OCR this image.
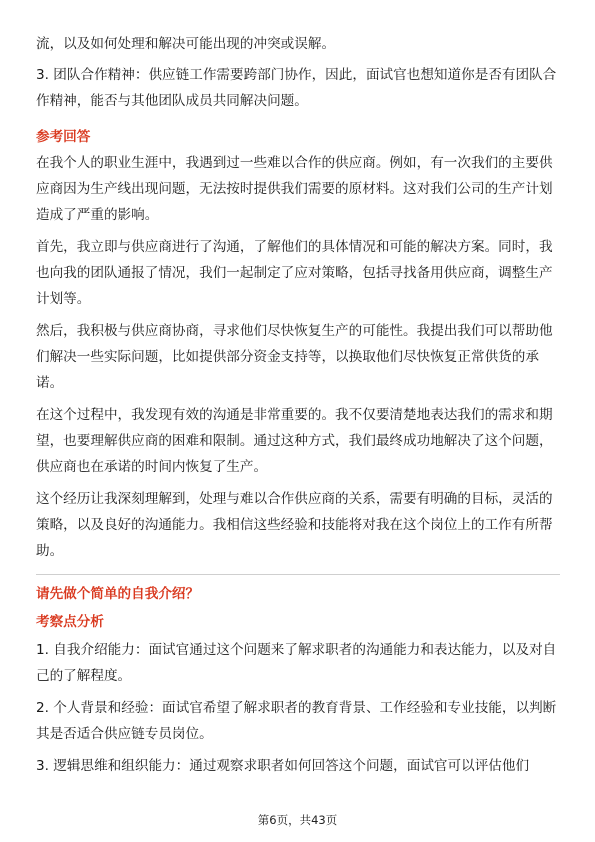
流，以及如何处理和解决可能出现的冲突或误解。

3. 团队合作精神：供应链工作需要跨部门协作，因此，面试官也想知道你是否有团队合作精神，能否与其他团队成员共同解决问题。

参考回答

在我个人的职业生涯中，我遇到过一些难以合作的供应商。例如，有一次我们的主要供应商因为生产线出现问题，无法按时提供我们需要的原材料。这对我们公司的生产计划造成了严重的影响。

首先，我立即与供应商进行了沟通，了解他们的具体情况和可能的解决方案。同时，我也向我的团队通报了情况，我们一起制定了应对策略，包括寻找备用供应商，调整生产计划等。

然后，我积极与供应商协商，寻求他们尽快恢复生产的可能性。我提出我们可以帮助他们解决一些实际问题，比如提供部分资金支持等，以换取他们尽快恢复正常供货的承诺。

在这个过程中，我发现有效的沟通是非常重要的。我不仅要清楚地表达我们的需求和期望，也要理解供应商的困难和限制。通过这种方式，我们最终成功地解决了这个问题，供应商也在承诺的时间内恢复了生产。

这个经历让我深刻理解到，处理与难以合作供应商的关系，需要有明确的目标，灵活的策略，以及良好的沟通能力。我相信这些经验和技能将对我在这个岗位上的工作有所帮助。

请先做个简单的自我介绍？

考察点分析

1. 自我介绍能力：面试官通过这个问题来了解求职者的沟通能力和表达能力，以及对自己的了解程度。

2. 个人背景和经验：面试官希望了解求职者的教育背景、工作经验和专业技能，以判断其是否适合供应链专员岗位。

3. 逻辑思维和组织能力：通过观察求职者如何回答这个问题，面试官可以评估他们

第6页，共43页
